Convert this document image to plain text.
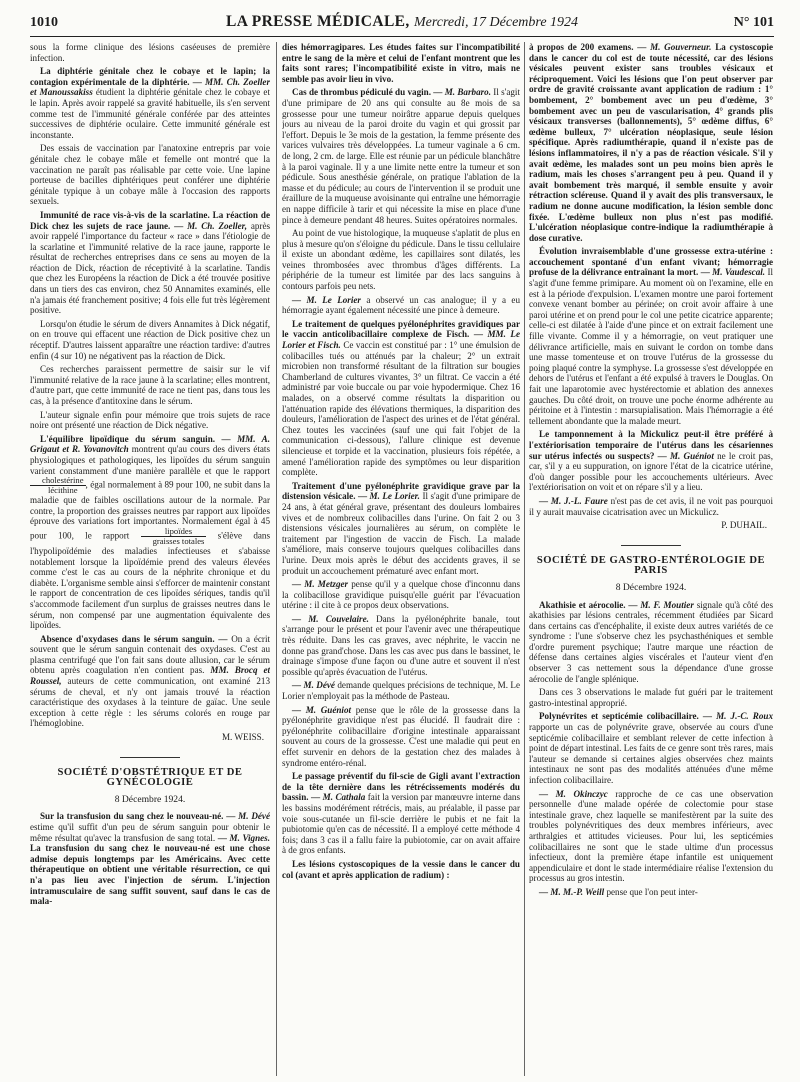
1010	LA PRESSE MÉDICALE, Mercredi, 17 Décembre 1924	N° 101

sous la forme clinique des lésions caséeuses de première infection.

La diphtérie génitale chez le cobaye et le lapin; la contagion expérimentale de la diphtérie. — MM. Ch. Zoeller et Manoussakiss étudient la diphtérie génitale chez le cobaye et le lapin. Après avoir rappelé sa gravité habituelle, ils s'en servent comme test de l'immunité générale conférée par des atteintes successives de diphtérie oculaire. Cette immunité générale est inconstante.

Des essais de vaccination par l'anatoxine entrepris par voie génitale chez le cobaye mâle et femelle ont montré que la vaccination ne paraît pas réalisable par cette voie. Une lapine porteuse de bacilles diphtériques peut conférer une diphtérie génitale typique à un cobaye mâle à l'occasion des rapports sexuels.

Immunité de race vis-à-vis de la scarlatine. La réaction de Dick chez les sujets de race jaune. — M. Ch. Zoeller, après avoir rappelé l'importance du facteur « race » dans l'étiologie de la scarlatine et l'immunité relative de la race jaune, rapporte le résultat de recherches entreprises dans ce sens au moyen de la réaction de Dick, réaction de réceptivité à la scarlatine. Tandis que chez les Européens la réaction de Dick a été trouvée positive dans un tiers des cas environ, chez 50 Annamites examinés, elle n'a jamais été franchement positive; 4 fois elle fut très légèrement positive.

Lorsqu'on étudie le sérum de divers Annamites à Dick négatif, on en trouve qui effacent une réaction de Dick positive chez un réceptif. D'autres laissent apparaître une réaction tardive: d'autres enfin (4 sur 10) ne négativent pas la réaction de Dick.

Ces recherches paraissent permettre de saisir sur le vif l'immunité relative de la race jaune à la scarlatine; elles montrent, d'autre part, que cette immunité de race ne tient pas, dans tous les cas, à la présence d'antitoxine dans le sérum.

L'auteur signale enfin pour mémoire que trois sujets de race noire ont présenté une réaction de Dick négative.

L'équilibre lipoïdique du sérum sanguin. — MM. A. Grigaut et R. Yovanovitch montrent qu'au cours des divers états physiologiques et pathologiques, les lipoïdes du sérum sanguin varient constamment d'une manière parallèle et que le rapport
$\frac{\text{cholestérine}}{\text{lécithine}}$ , égal normalement à 89 pour 100, ne subit dans la maladie que de faibles oscillations autour de la normale. Par contre, la proportion des graisses neutres par rapport aux lipoïdes éprouve des variations fort importantes. Normalement égal à 45 pour 100, le rapport $\frac{\text{lipoïdes}}{\text{graisses totales}}$ s'élève dans l'hypolipoïdémie des maladies infectieuses et s'abaisse notablement lorsque la lipoïdémie prend des valeurs élevées comme c'est le cas au cours de la néphrite chronique et du diabète. L'organisme semble ainsi s'efforcer de maintenir constant le rapport de concentration de ces lipoïdes sériques, tandis qu'il s'accommode facilement d'un surplus de graisses neutres dans le sérum, non compensé par une augmentation équivalente des lipoïdes.

Absence d'oxydases dans le sérum sanguin. — On a écrit souvent que le sérum sanguin contenait des oxydases. C'est au plasma centrifugé que l'on fait sans doute allusion, car le sérum obtenu après coagulation n'en contient pas. MM. Brocq et Roussel, auteurs de cette communication, ont examiné 213 sérums de cheval, et n'y ont jamais trouvé la réaction caractéristique des oxydases à la teinture de gaïac. Une seule exception à cette règle : les sérums colorés en rouge par l'hémoglobine.

M. WEISS.

SOCIÉTÉ D'OBSTÉTRIQUE ET DE GYNÉCOLOGIE

8 Décembre 1924.

Sur la transfusion du sang chez le nouveau-né. — M. Dévé estime qu'il suffit d'un peu de sérum sanguin pour obtenir le même résultat qu'avec la transfusion de sang total. — M. Vignes. La transfusion du sang chez le nouveau-né est une chose admise depuis longtemps par les Américains. Avec cette thérapeutique on obtient une véritable résurrection, ce qui n'a pas lieu avec l'injection de sérum. L'injection intramusculaire de sang suffit souvent, sauf dans le cas de mala-

dies hémorragipares. Les études faites sur l'incompatibilité entre le sang de la mère et celui de l'enfant montrent que les faits sont rares; l'incompatibilité existe in vitro, mais ne semble pas avoir lieu in vivo.

Cas de thrombus pédiculé du vagin. — M. Barbaro. Il s'agit d'une primipare de 20 ans qui consulte au 8e mois de sa grossesse pour une tumeur noirâtre apparue depuis quelques jours au niveau de la paroi droite du vagin et qui grossit par l'effort. Depuis le 3e mois de la gestation, la femme présente des varices vulvaires très développées. La tumeur vaginale a 6 cm. de long, 2 cm. de large. Elle est réunie par un pédicule blanchâtre à la paroi vaginale. Il y a une limite nette entre la tumeur et son pédicule. Sous anesthésie générale, on pratique l'ablation de la masse et du pédicule; au cours de l'intervention il se produit une éraillure de la muqueuse avoisinante qui entraîne une hémorragie en nappe difficile à tarir et qui nécessite la mise en place d'une pince à demeure pendant 48 heures. Suites opératoires normales.

Au point de vue histologique, la muqueuse s'aplatit de plus en plus à mesure qu'on s'éloigne du pédicule. Dans le tissu cellulaire il existe un abondant œdème, les capillaires sont dilatés, les veines thrombosées avec thrombus d'âges différents. La périphérie de la tumeur est limitée par des lacs sanguins à contours parfois peu nets.

— M. Le Lorier a observé un cas analogue; il y a eu hémorragie ayant également nécessité une pince à demeure.

Le traitement de quelques pyélonéphrites gravidiques par le vaccin anticolibacillaire complexe de Fisch. — MM. Le Lorier et Fisch. Ce vaccin est constitué par : 1° une émulsion de colibacilles tués ou atténués par la chaleur; 2° un extrait microbien non transformé résultant de la filtration sur bougies Chamberland de cultures vivantes, 3° un filtrat. Ce vaccin a été administré par voie buccale ou par voie hypodermique. Chez 16 malades, on a observé comme résultats la disparition ou l'atténuation rapide des élévations thermiques, la disparition des douleurs, l'amélioration de l'aspect des urines et de l'état général. Chez toutes les vaccinées (sauf une qui fait l'objet de la communication ci-dessous), l'allure clinique est devenue silencieuse et torpide et la vaccination, plusieurs fois répétée, a amené l'amélioration rapide des symptômes ou leur disparition complète.

Traitement d'une pyélonéphrite gravidique grave par la distension vésicale. — M. Le Lorier. Il s'agit d'une primipare de 24 ans, à état général grave, présentant des douleurs lombaires vives et de nombreux colibacilles dans l'urine. On fait 2 ou 3 distensions vésicales journalières au sérum, on complète le traitement par l'ingestion de vaccin de Fisch. La malade s'améliore, mais conserve toujours quelques colibacilles dans l'urine. Deux mois après le début des accidents graves, il se produit un accouchement prématuré avec enfant mort.

— M. Metzger pense qu'il y a quelque chose d'inconnu dans la colibacillose gravidique puisqu'elle guérit par l'évacuation utérine : il cite à ce propos deux observations.

— M. Couvelaire. Dans la pyélonéphrite banale, tout s'arrange pour le présent et pour l'avenir avec une thérapeutique très réduite. Dans les cas graves, avec néphrite, le vaccin ne donne pas grand'chose. Dans les cas avec pus dans le bassinet, le drainage s'impose d'une façon ou d'une autre et souvent il n'est possible qu'après évacuation de l'utérus.

— M. Dévé demande quelques précisions de technique, M. Le Lorier n'employait pas la méthode de Pasteau.

— M. Guéniot pense que le rôle de la grossesse dans la pyélonéphrite gravidique n'est pas élucidé. Il faudrait dire : pyélonéphrite colibacillaire d'origine intestinale apparaissant souvent au cours de la grossesse. C'est une maladie qui peut en effet survenir en dehors de la gestation chez des malades à syndrome entéro-rénal.

Le passage préventif du fil-scie de Gigli avant l'extraction de la tête dernière dans les rétrécissements modérés du bassin. — M. Cathala fait la version par manœuvre interne dans les bassins modérément rétrécis, mais, au préalable, il passe par voie sous-cutanée un fil-scie derrière le pubis et ne fait la pubiotomie qu'en cas de nécessité. Il a employé cette méthode 4 fois; dans 3 cas il a fallu faire la pubiotomie, car on avait affaire à de gros enfants.

Les lésions cystoscopiques de la vessie dans le cancer du col (avant et après application de radium) :

à propos de 200 examens. — M. Gouverneur. La cystoscopie dans le cancer du col est de toute nécessité, car des lésions vésicales peuvent exister sans troubles vésicaux et réciproquement. Voici les lésions que l'on peut observer par ordre de gravité croissante avant application de radium : 1° bombement, 2° bombement avec un peu d'œdème, 3° bombement avec un peu de vascularisation, 4° grands plis vésicaux transverses (ballonnements), 5° œdème diffus, 6° œdème bulleux, 7° ulcération néoplasique, seule lésion spécifique. Après radiumthérapie, quand il n'existe pas de lésions inflammatoires, il n'y a pas de réaction vésicale. S'il y avait œdème, les malades sont un peu moins bien après le radium, mais les choses s'arrangent peu à peu. Quand il y avait bombement très marqué, il semble ensuite y avoir rétraction scléreuse. Quand il y avait des plis transversaux, le radium ne donne aucune modification, la lésion semble donc fixée. L'œdème bulleux non plus n'est pas modifié. L'ulcération néoplasique contre-indique la radiumthérapie à dose curative.

Évolution invraisemblable d'une grossesse extra-utérine : accouchement spontané d'un enfant vivant; hémorragie profuse de la délivrance entraînant la mort. — M. Vaudescal. Il s'agit d'une femme primipare. Au moment où on l'examine, elle en est à la période d'expulsion. L'examen montre une paroi fortement convexe venant bomber au périnée; on croit avoir affaire à une paroi utérine et on prend pour le col une petite cicatrice apparente; celle-ci est dilatée à l'aide d'une pince et on extrait facilement une fille vivante. Comme il y a hémorragie, on veut pratiquer une délivrance artificielle, mais en suivant le cordon on tombe dans une masse tomenteuse et on trouve l'utérus de la grossesse du poing plaqué contre la symphyse. La grossesse s'est développée en dehors de l'utérus et l'enfant a été expulsé à travers le Douglas. On fait une laparotomie avec hystérectomie et ablation des annexes gauches. Du côté droit, on trouve une poche énorme adhérente au péritoine et à l'intestin : marsupialisation. Mais l'hémorragie a été tellement abondante que la malade meurt.

Le tamponnement à la Mickulicz peut-il être préféré à l'extériorisation temporaire de l'utérus dans les césariennes sur utérus infectés ou suspects? — M. Guéniot ne le croit pas, car, s'il y a eu suppuration, on ignore l'état de la cicatrice utérine, d'où danger possible pour les accouchements ultérieurs. Avec l'extériorisation on voit et on répare s'il y a lieu.

— M. J.-L. Faure n'est pas de cet avis, il ne voit pas pourquoi il y aurait mauvaise cicatrisation avec un Mickulicz.

P. DUHAIL.

SOCIÉTÉ DE GASTRO-ENTÉROLOGIE DE PARIS

8 Décembre 1924.

Akathisie et aérocolie. — M. F. Moutier signale qu'à côté des akathisies par lésions centrales, récemment étudiées par Sicard dans certains cas d'encéphalite, il existe deux autres variétés de ce syndrome : l'une s'observe chez les psychasthéniques et semble d'ordre purement psychique; l'autre marque une réaction de défense dans certaines algies viscérales et l'auteur vient d'en observer 3 cas nettement sous la dépendance d'une grosse aérocolie de l'angle splénique.

Dans ces 3 observations le malade fut guéri par le traitement gastro-intestinal approprié.

Polynévrites et septicémie colibacillaire. — M. J.-C. Roux rapporte un cas de polynévrite grave, observée au cours d'une septicémie colibacillaire et semblant relever de cette infection à point de départ intestinal. Les faits de ce genre sont très rares, mais l'auteur se demande si certaines algies observées chez maints intestinaux ne sont pas des modalités atténuées d'une même infection colibacillaire.

— M. Okinczyc rapproche de ce cas une observation personnelle d'une malade opérée de colectomie pour stase intestinale grave, chez laquelle se manifestèrent par la suite des troubles polynévritiques des deux membres inférieurs, avec arthralgies et attitudes vicieuses. Pour lui, les septicémies colibacillaires ne sont que le stade ultime d'un processus infectieux, dont la première étape infantile est uniquement appendiculaire et dont le stade intermédiaire réalise l'extension du processus au gros intestin.

— M. M.-P. Weill pense que l'on peut inter-
